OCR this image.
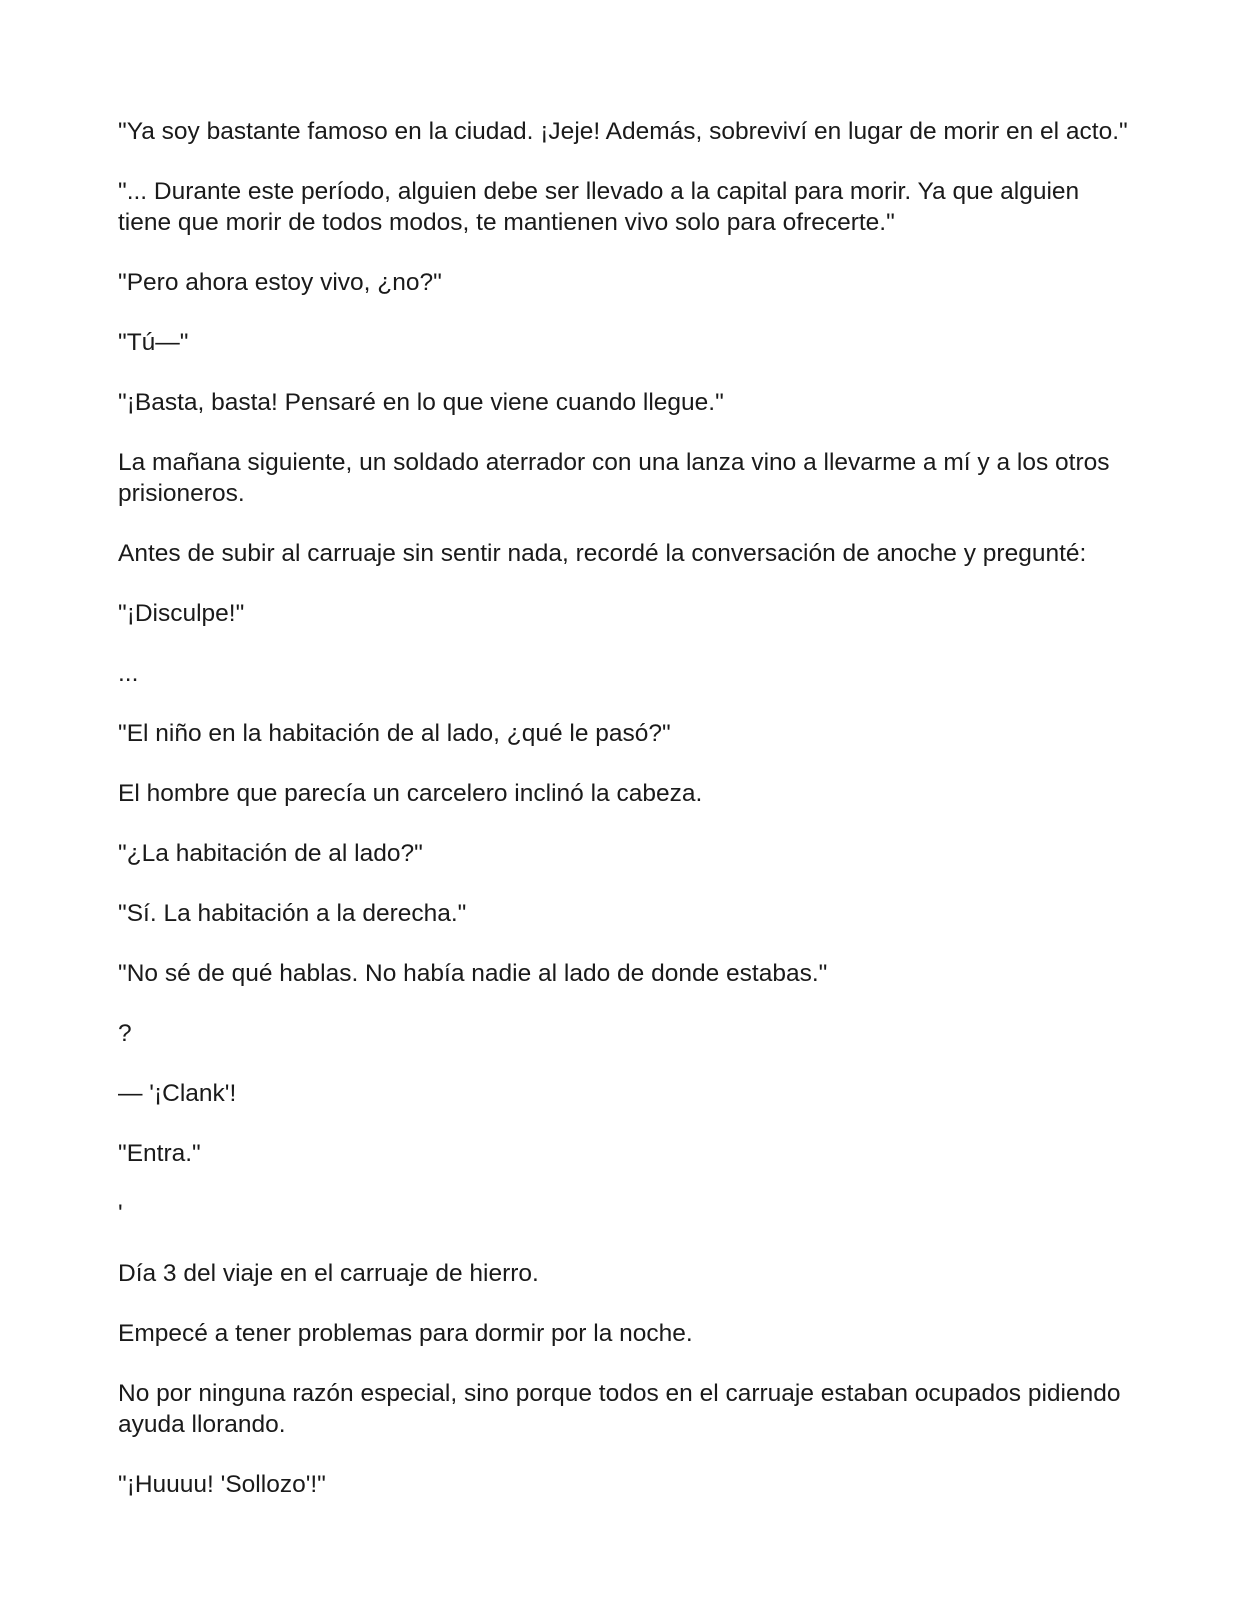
"Ya soy bastante famoso en la ciudad. ¡Jeje! Además, sobreviví en lugar de morir en el acto."

"... Durante este período, alguien debe ser llevado a la capital para morir. Ya que alguien tiene que morir de todos modos, te mantienen vivo solo para ofrecerte."

"Pero ahora estoy vivo, ¿no?"

"Tú—"

"¡Basta, basta! Pensaré en lo que viene cuando llegue."

La mañana siguiente, un soldado aterrador con una lanza vino a llevarme a mí y a los otros prisioneros.

Antes de subir al carruaje sin sentir nada, recordé la conversación de anoche y pregunté:

"¡Disculpe!"

...

"El niño en la habitación de al lado, ¿qué le pasó?"

El hombre que parecía un carcelero inclinó la cabeza.

"¿La habitación de al lado?"

"Sí. La habitación a la derecha."

"No sé de qué hablas. No había nadie al lado de donde estabas."

?

— '¡Clank'!

"Entra."

'

Día 3 del viaje en el carruaje de hierro.

Empecé a tener problemas para dormir por la noche.

No por ninguna razón especial, sino porque todos en el carruaje estaban ocupados pidiendo ayuda llorando.

"¡Huuuu! 'Sollozo'!"
